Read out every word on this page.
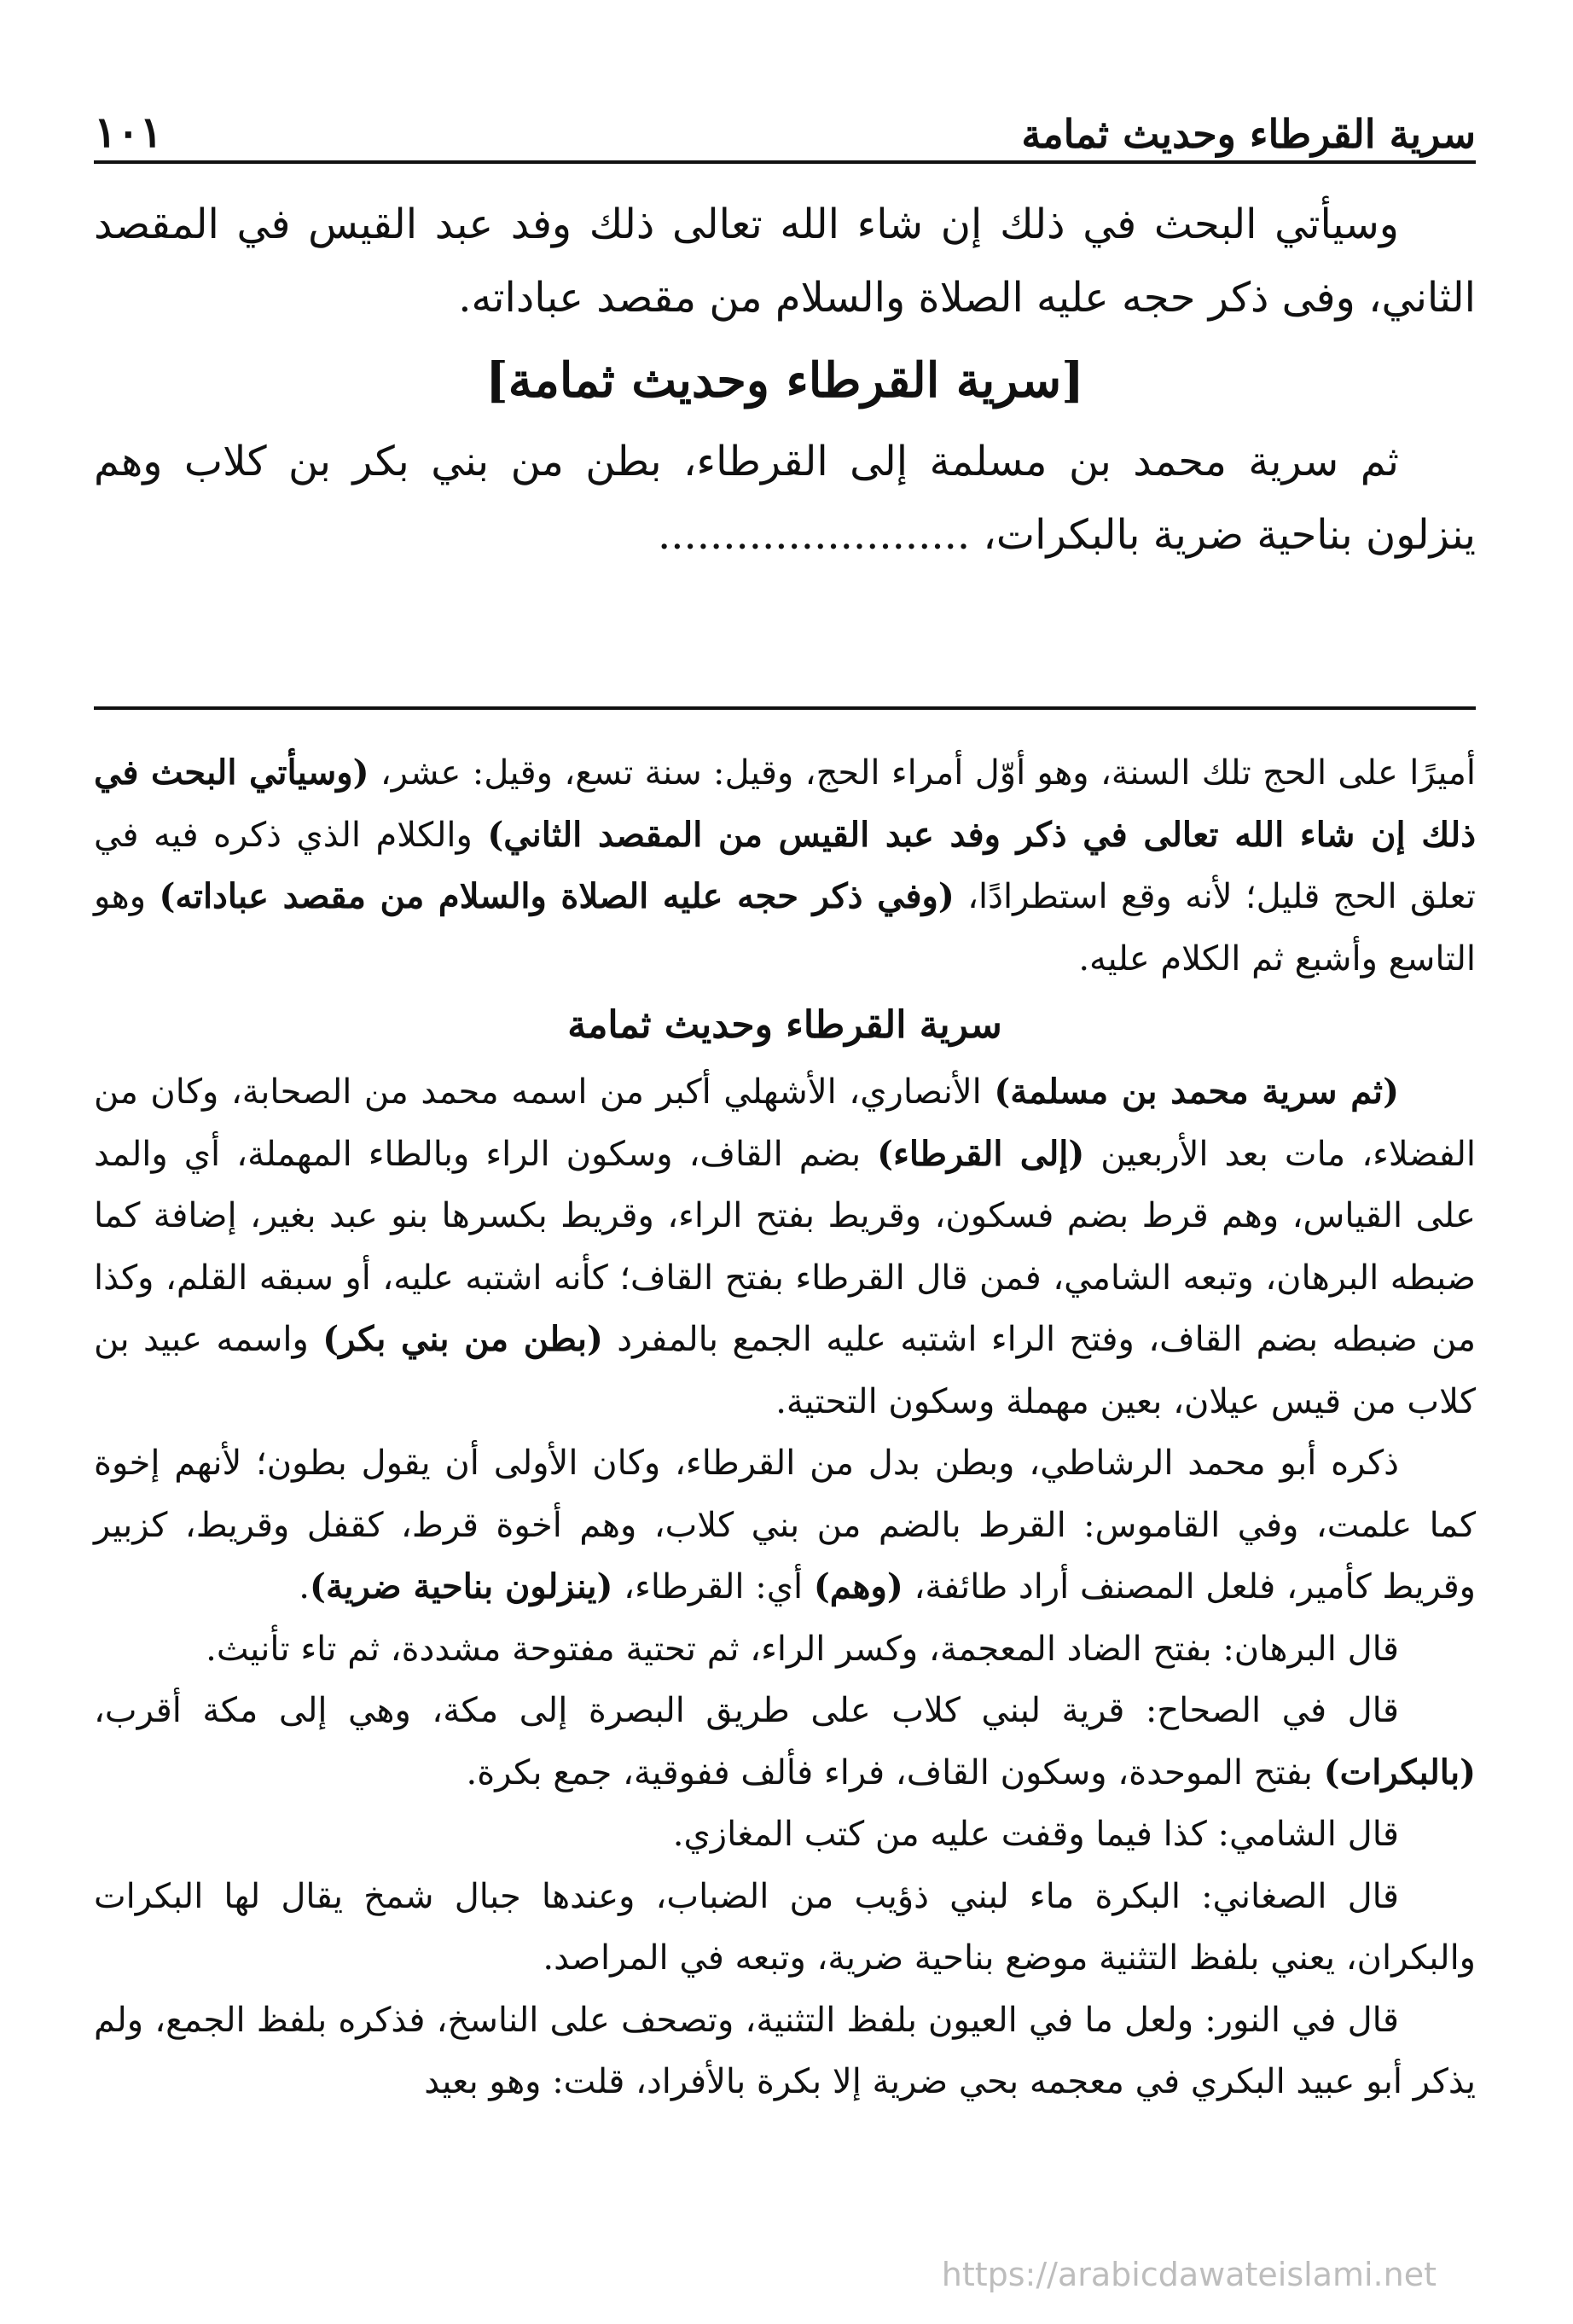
سرية القرطاء وحديث ثمامة
١٠١

وسيأتي البحث في ذلك إن شاء الله تعالى ذلك وفد عبد القيس في المقصد الثاني، وفى ذكر حجه عليه الصلاة والسلام من مقصد عباداته.

[سرية القرطاء وحديث ثمامة]

ثم سرية محمد بن مسلمة إلى القرطاء، بطن من بني بكر بن كلاب وهم ينزلون بناحية ضرية بالبكرات، ........................

أميرًا على الحج تلك السنة، وهو أوّل أمراء الحج، وقيل: سنة تسع، وقيل: عشر، (وسيأتي البحث في ذلك إن شاء الله تعالى في ذكر وفد عبد القيس من المقصد الثاني) والكلام الذي ذكره فيه في تعلق الحج قليل؛ لأنه وقع استطرادًا، (وفي ذكر حجه عليه الصلاة والسلام من مقصد عباداته) وهو التاسع وأشبع ثم الكلام عليه.

سرية القرطاء وحديث ثمامة

(ثم سرية محمد بن مسلمة) الأنصاري، الأشهلي أكبر من اسمه محمد من الصحابة، وكان من الفضلاء، مات بعد الأربعين (إلى القرطاء) بضم القاف، وسكون الراء وبالطاء المهملة، أي والمد على القياس، وهم قرط بضم فسكون، وقريط بفتح الراء، وقريط بكسرها بنو عبد بغير، إضافة كما ضبطه البرهان، وتبعه الشامي، فمن قال القرطاء بفتح القاف؛ كأنه اشتبه عليه، أو سبقه القلم، وكذا من ضبطه بضم القاف، وفتح الراء اشتبه عليه الجمع بالمفرد (بطن من بني بكر) واسمه عبيد بن كلاب من قيس عيلان، بعين مهملة وسكون التحتية.

ذكره أبو محمد الرشاطي، وبطن بدل من القرطاء، وكان الأولى أن يقول بطون؛ لأنهم إخوة كما علمت، وفي القاموس: القرط بالضم من بني كلاب، وهم أخوة قرط، كقفل وقريط، كزبير وقريط كأمير، فلعل المصنف أراد طائفة، (وهم) أي: القرطاء، (ينزلون بناحية ضرية).

قال البرهان: بفتح الضاد المعجمة، وكسر الراء، ثم تحتية مفتوحة مشددة، ثم تاء تأنيث.

قال في الصحاح: قرية لبني كلاب على طريق البصرة إلى مكة، وهي إلى مكة أقرب، (بالبكرات) بفتح الموحدة، وسكون القاف، فراء فألف ففوقية، جمع بكرة.

قال الشامي: كذا فيما وقفت عليه من كتب المغازي.

قال الصغاني: البكرة ماء لبني ذؤيب من الضباب، وعندها جبال شمخ يقال لها البكرات والبكران، يعني بلفظ التثنية موضع بناحية ضرية، وتبعه في المراصد.

قال في النور: ولعل ما في العيون بلفظ التثنية، وتصحف على الناسخ، فذكره بلفظ الجمع، ولم يذكر أبو عبيد البكري في معجمه بحي ضرية إلا بكرة بالأفراد، قلت: وهو بعيد

https://arabicdawateislami.net
